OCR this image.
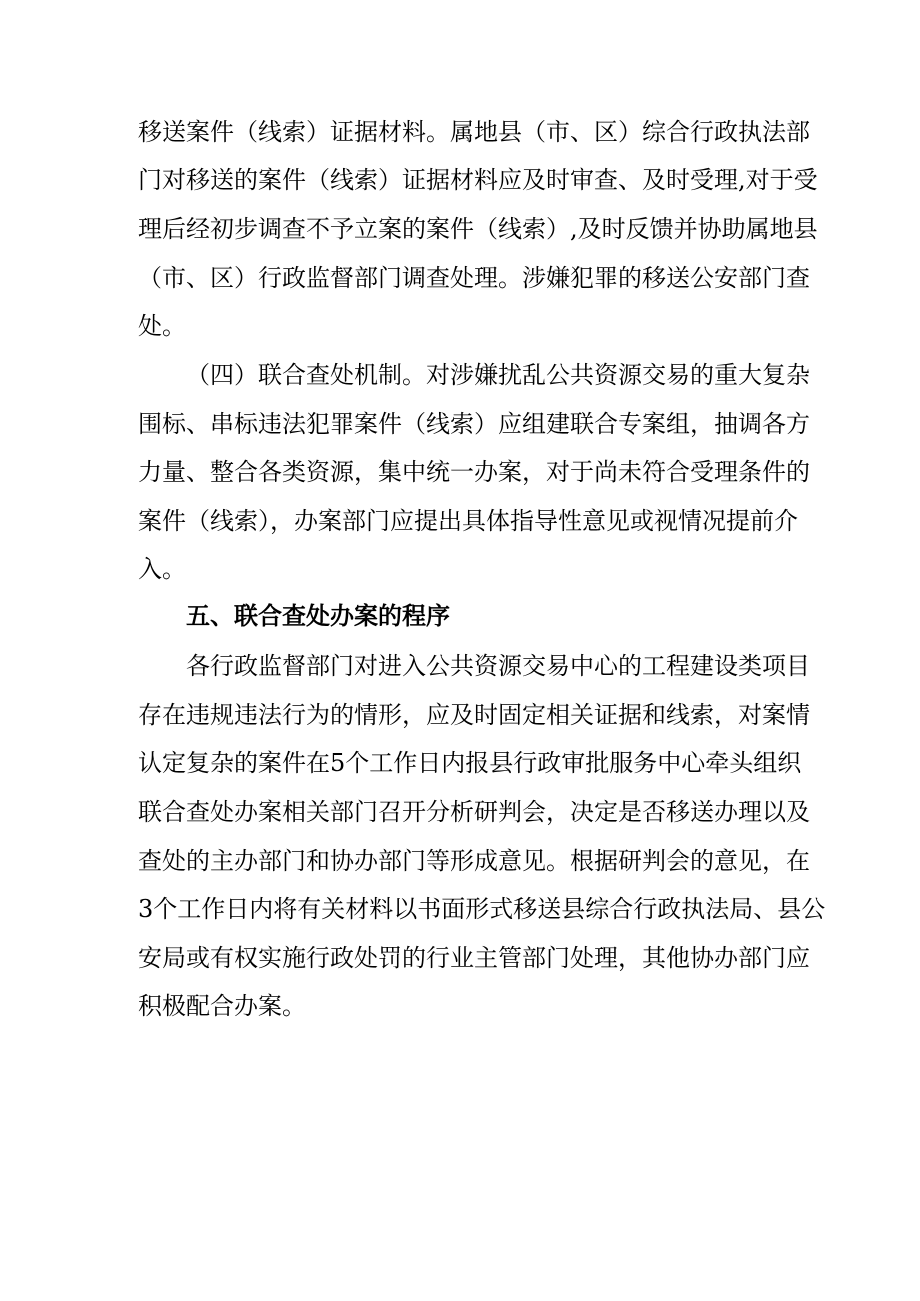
移送案件（线索）证据材料。属地县（市、区）综合行政执法部
门对移送的案件（线索）证据材料应及时审查、及时受理,对于受
理后经初步调查不予立案的案件（线索）,及时反馈并协助属地县
（市、区）行政监督部门调查处理。涉嫌犯罪的移送公安部门查
处。
（四）联合查处机制。对涉嫌扰乱公共资源交易的重大复杂
围标、串标违法犯罪案件（线索）应组建联合专案组，抽调各方
力量、整合各类资源，集中统一办案，对于尚未符合受理条件的
案件（线索），办案部门应提出具体指导性意见或视情况提前介
入。
五、联合查处办案的程序
各行政监督部门对进入公共资源交易中心的工程建设类项目
存在违规违法行为的情形，应及时固定相关证据和线索，对案情
认定复杂的案件在5个工作日内报县行政审批服务中心牵头组织
联合查处办案相关部门召开分析研判会，决定是否移送办理以及
查处的主办部门和协办部门等形成意见。根据研判会的意见，在
3个工作日内将有关材料以书面形式移送县综合行政执法局、县公
安局或有权实施行政处罚的行业主管部门处理，其他协办部门应
积极配合办案。
